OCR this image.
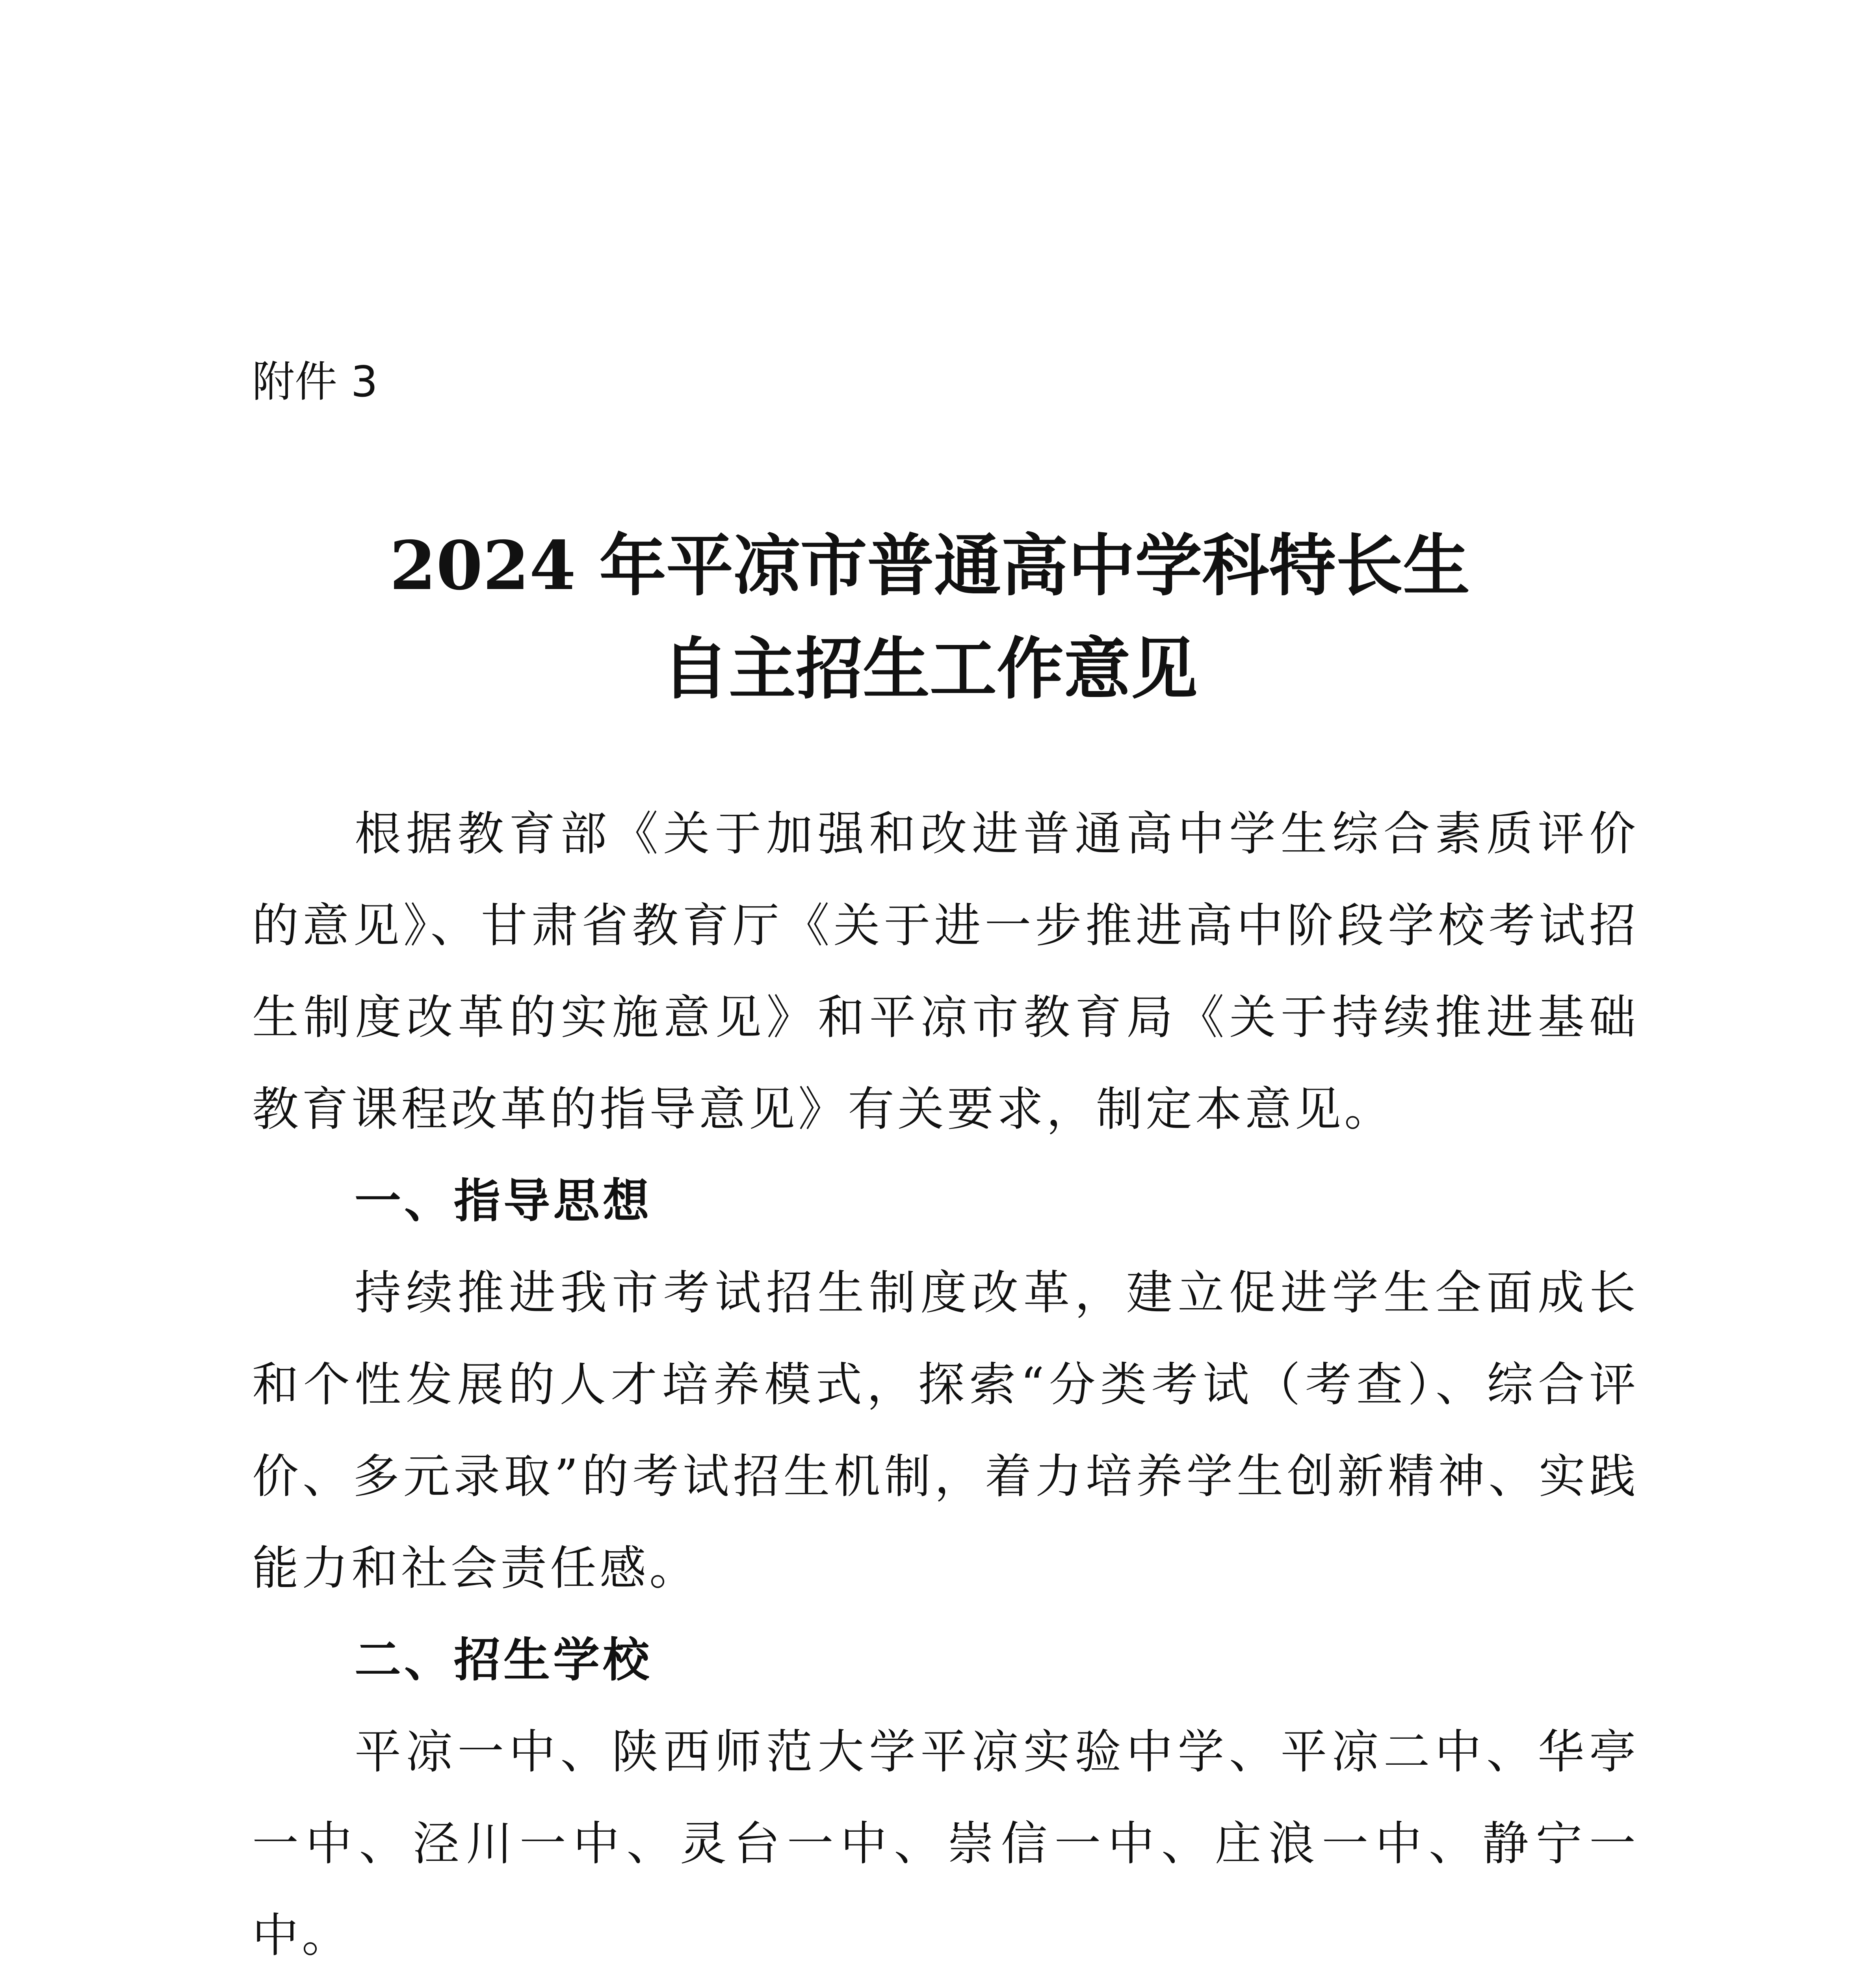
附件 3

2024 年平凉市普通高中学科特长生
自主招生工作意见

根据教育部《关于加强和改进普通高中学生综合素质评价的意见》、甘肃省教育厅《关于进一步推进高中阶段学校考试招生制度改革的实施意见》和平凉市教育局《关于持续推进基础教育课程改革的指导意见》有关要求，制定本意见。

一、指导思想

持续推进我市考试招生制度改革，建立促进学生全面成长和个性发展的人才培养模式，探索“分类考试（考查）、综合评价、多元录取”的考试招生机制，着力培养学生创新精神、实践能力和社会责任感。

二、招生学校

平凉一中、陕西师范大学平凉实验中学、平凉二中、华亭一中、泾川一中、灵台一中、崇信一中、庄浪一中、静宁一中。
